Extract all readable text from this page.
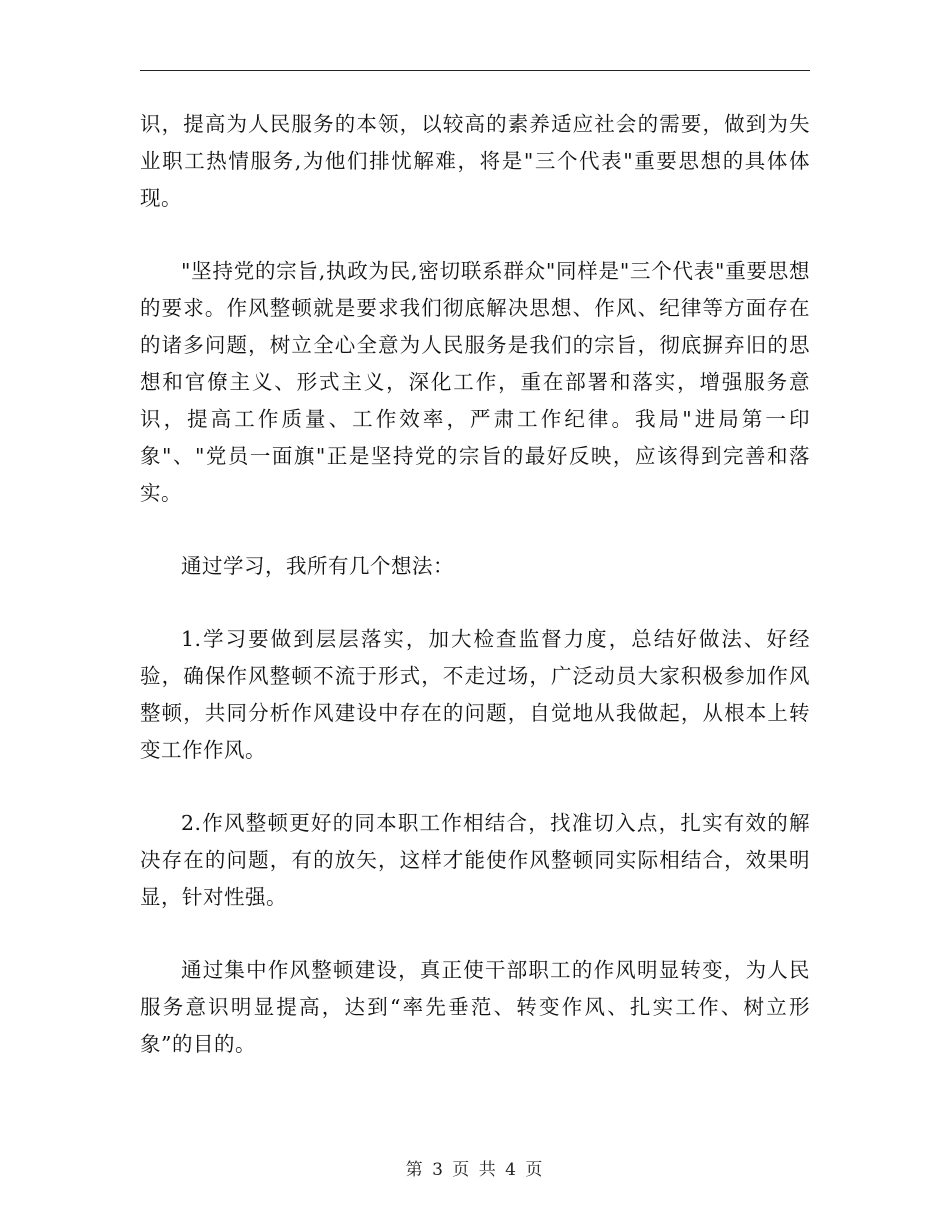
识，提高为人民服务的本领，以较高的素养适应社会的需要，做到为失业职工热情服务,为他们排忧解难，将是"三个代表"重要思想的具体体现。

"坚持党的宗旨,执政为民,密切联系群众"同样是"三个代表"重要思想的要求。作风整顿就是要求我们彻底解决思想、作风、纪律等方面存在的诸多问题，树立全心全意为人民服务是我们的宗旨，彻底摒弃旧的思想和官僚主义、形式主义，深化工作，重在部署和落实，增强服务意识，提高工作质量、工作效率，严肃工作纪律。我局"进局第一印象"、"党员一面旗"正是坚持党的宗旨的最好反映，应该得到完善和落实。

通过学习，我所有几个想法：

1.学习要做到层层落实，加大检查监督力度，总结好做法、好经验，确保作风整顿不流于形式，不走过场，广泛动员大家积极参加作风整顿，共同分析作风建设中存在的问题，自觉地从我做起，从根本上转变工作作风。

2.作风整顿更好的同本职工作相结合，找准切入点，扎实有效的解决存在的问题，有的放矢，这样才能使作风整顿同实际相结合，效果明显，针对性强。

通过集中作风整顿建设，真正使干部职工的作风明显转变，为人民服务意识明显提高，达到“率先垂范、转变作风、扎实工作、树立形象”的目的。

第 3 页 共 4 页
